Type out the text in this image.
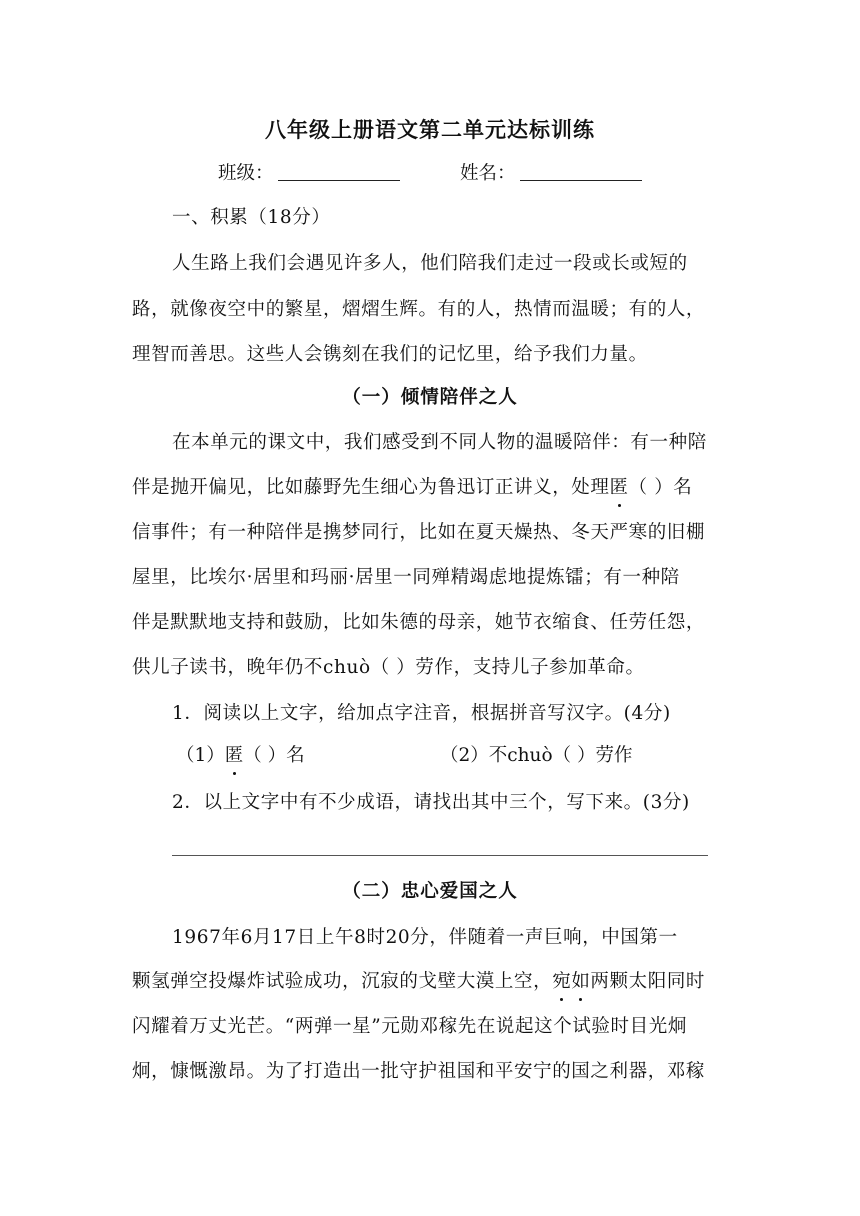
八年级上册语文第二单元达标训练
班级：	姓名：
一、积累（18分）
人生路上我们会遇见许多人，他们陪我们走过一段或长或短的
路，就像夜空中的繁星，熠熠生辉。有的人，热情而温暖；有的人，
理智而善思。这些人会镌刻在我们的记忆里，给予我们力量。
（一）倾情陪伴之人
在本单元的课文中，我们感受到不同人物的温暖陪伴：有一种陪
伴是抛开偏见，比如藤野先生细心为鲁迅订正讲义，处理匿（ ）名
信事件；有一种陪伴是携梦同行，比如在夏天燥热、冬天严寒的旧棚
屋里，比埃尔·居里和玛丽·居里一同殚精竭虑地提炼镭；有一种陪
伴是默默地支持和鼓励，比如朱德的母亲，她节衣缩食、任劳任怨，
供儿子读书，晚年仍不chuò（ ）劳作，支持儿子参加革命。
1．阅读以上文字，给加点字注音，根据拼音写汉字。(4分)
（1）匿（ ）名	（2）不chuò（ ）劳作
2．以上文字中有不少成语，请找出其中三个，写下来。(3分)
（二）忠心爱国之人
1967年6月17日上午8时20分，伴随着一声巨响，中国第一
颗氢弹空投爆炸试验成功，沉寂的戈壁大漠上空，宛如两颗太阳同时
闪耀着万丈光芒。“两弹一星”元勋邓稼先在说起这个试验时目光炯
炯，慷慨激昂。为了打造出一批守护祖国和平安宁的国之利器，邓稼
